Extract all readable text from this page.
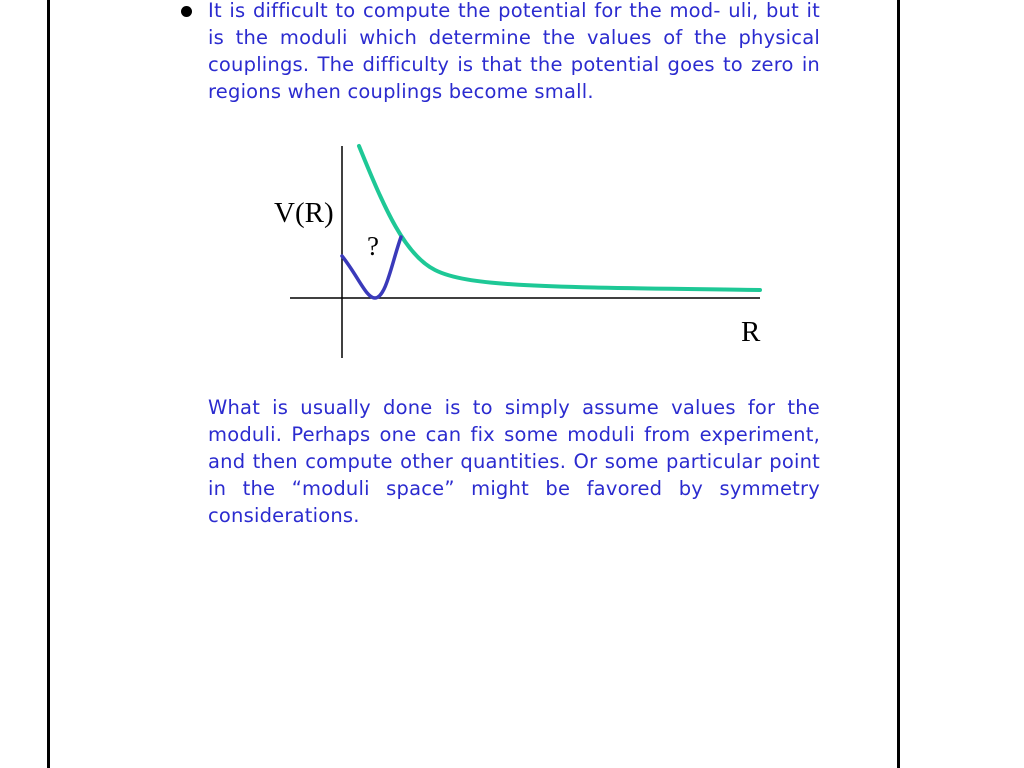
It is difficult to compute the potential for the mod- uli, but it is the moduli which determine the values of the physical couplings. The difficulty is that the potential goes to zero in regions when couplings become small.

V(R)
?
R

What is usually done is to simply assume values for the moduli. Perhaps one can fix some moduli from experiment, and then compute other quantities. Or some particular point in the “moduli space” might be favored by symmetry considerations.
